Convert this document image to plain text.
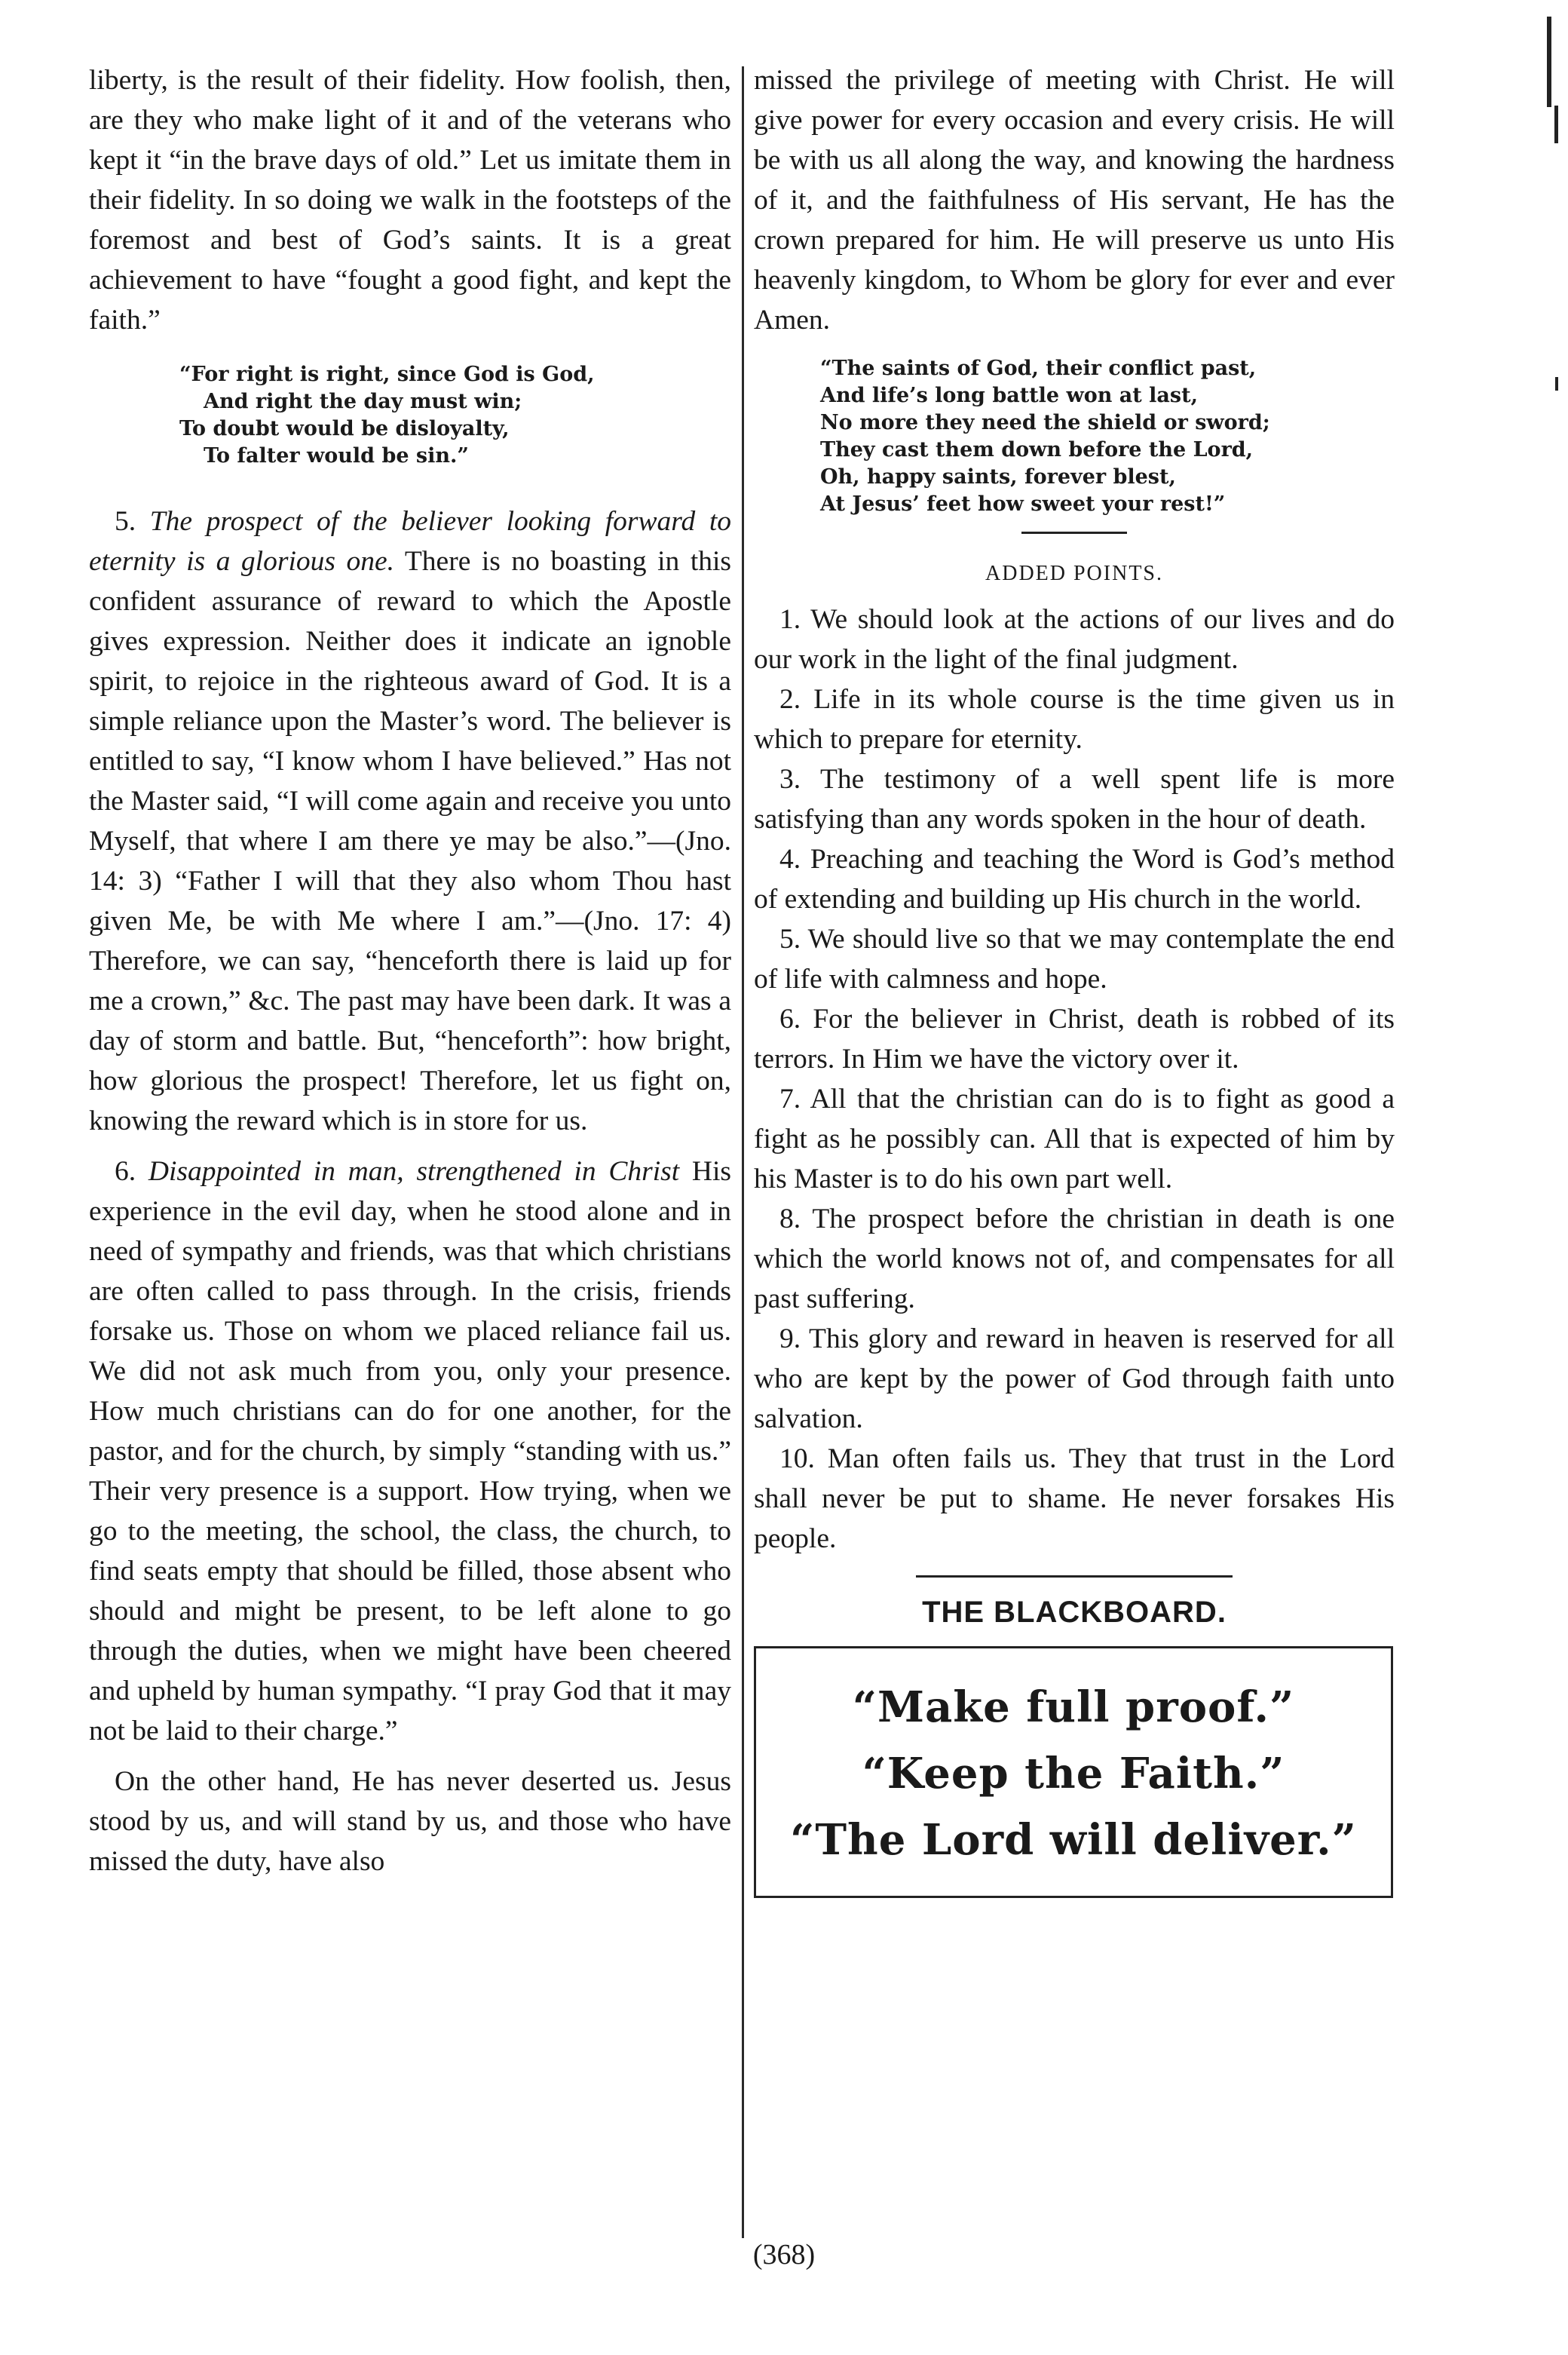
liberty, is the result of their fidelity. How foolish, then, are they who make light of it and of the veterans who kept it “in the brave days of old.” Let us imitate them in their fidelity. In so doing we walk in the footsteps of the foremost and best of God’s saints. It is a great achievement to have “fought a good fight, and kept the faith.”

“For right is right, since God is God,
And right the day must win;
To doubt would be disloyalty,
To falter would be sin.”

5. The prospect of the believer looking forward to eternity is a glorious one. There is no boasting in this confident assurance of reward to which the Apostle gives expression. Neither does it indicate an ignoble spirit, to rejoice in the righteous award of God. It is a simple reliance upon the Master’s word. The believer is entitled to say, “I know whom I have believed.” Has not the Master said, “I will come again and receive you unto Myself, that where I am there ye may be also.”—(Jno. 14: 3) “Father I will that they also whom Thou hast given Me, be with Me where I am.”—(Jno. 17: 4) Therefore, we can say, “henceforth there is laid up for me a crown,” &c. The past may have been dark. It was a day of storm and battle. But, “henceforth”: how bright, how glorious the prospect! Therefore, let us fight on, knowing the reward which is in store for us.

6. Disappointed in man, strengthened in Christ His experience in the evil day, when he stood alone and in need of sympathy and friends, was that which christians are often called to pass through. In the crisis, friends forsake us. Those on whom we placed reliance fail us. We did not ask much from you, only your presence. How much christians can do for one another, for the pastor, and for the church, by simply “standing with us.” Their very presence is a support. How trying, when we go to the meeting, the school, the class, the church, to find seats empty that should be filled, those absent who should and might be present, to be left alone to go through the duties, when we might have been cheered and upheld by human sympathy. “I pray God that it may not be laid to their charge.”

On the other hand, He has never deserted us. Jesus stood by us, and will stand by us, and those who have missed the duty, have also

missed the privilege of meeting with Christ. He will give power for every occasion and every crisis. He will be with us all along the way, and knowing the hardness of it, and the faithfulness of His servant, He has the crown prepared for him. He will preserve us unto His heavenly kingdom, to Whom be glory for ever and ever Amen.

“The saints of God, their conflict past,
And life’s long battle won at last,
No more they need the shield or sword;
They cast them down before the Lord,
Oh, happy saints, forever blest,
At Jesus’ feet how sweet your rest!”
ADDED POINTS.

1. We should look at the actions of our lives and do our work in the light of the final judgment.

2. Life in its whole course is the time given us in which to prepare for eternity.

3. The testimony of a well spent life is more satisfying than any words spoken in the hour of death.

4. Preaching and teaching the Word is God’s method of extending and building up His church in the world.

5. We should live so that we may contemplate the end of life with calmness and hope.

6. For the believer in Christ, death is robbed of its terrors. In Him we have the victory over it.

7. All that the christian can do is to fight as good a fight as he possibly can. All that is expected of him by his Master is to do his own part well.

8. The prospect before the christian in death is one which the world knows not of, and compensates for all past suffering.

9. This glory and reward in heaven is reserved for all who are kept by the power of God through faith unto salvation.

10. Man often fails us. They that trust in the Lord shall never be put to shame. He never forsakes His people.

THE BLACKBOARD.
“Make full proof.”
“Keep the Faith.”
“The Lord will deliver.”
(368)
